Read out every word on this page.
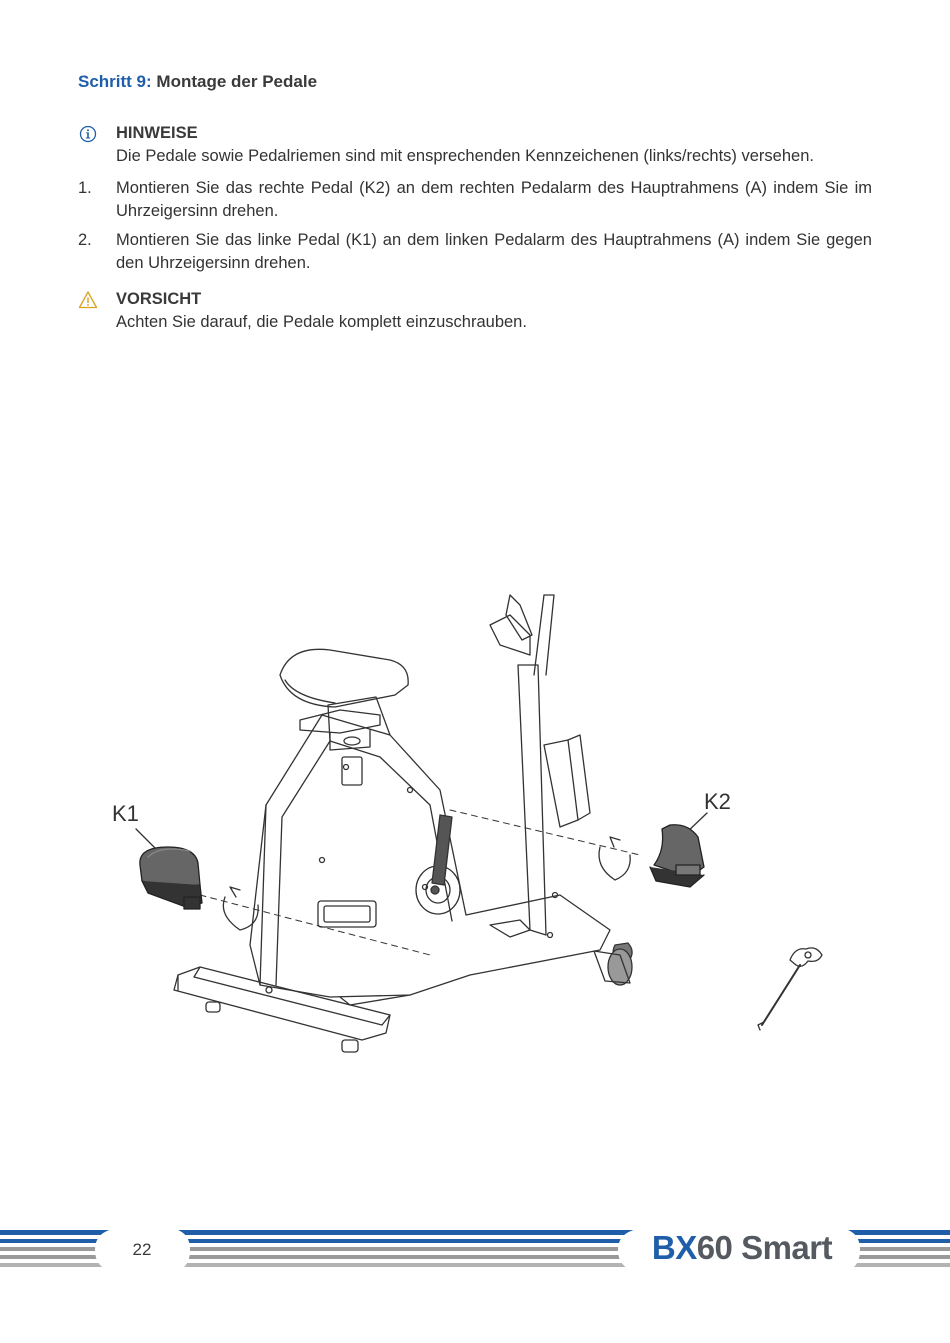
Schritt 9: Montage der Pedale
HINWEISE
Die Pedale sowie Pedalriemen sind mit ensprechenden Kennzeichenen (links/rechts) versehen.
1. Montieren Sie das rechte Pedal (K2) an dem rechten Pedalarm des Hauptrahmens (A) indem Sie im Uhrzeigersinn drehen.
2. Montieren Sie das linke Pedal (K1) an dem linken Pedalarm des Hauptrahmens (A) indem Sie gegen den Uhrzeigersinn drehen.
VORSICHT
Achten Sie darauf, die Pedale komplett einzuschrauben.
K1	K2
22	BX60 Smart
